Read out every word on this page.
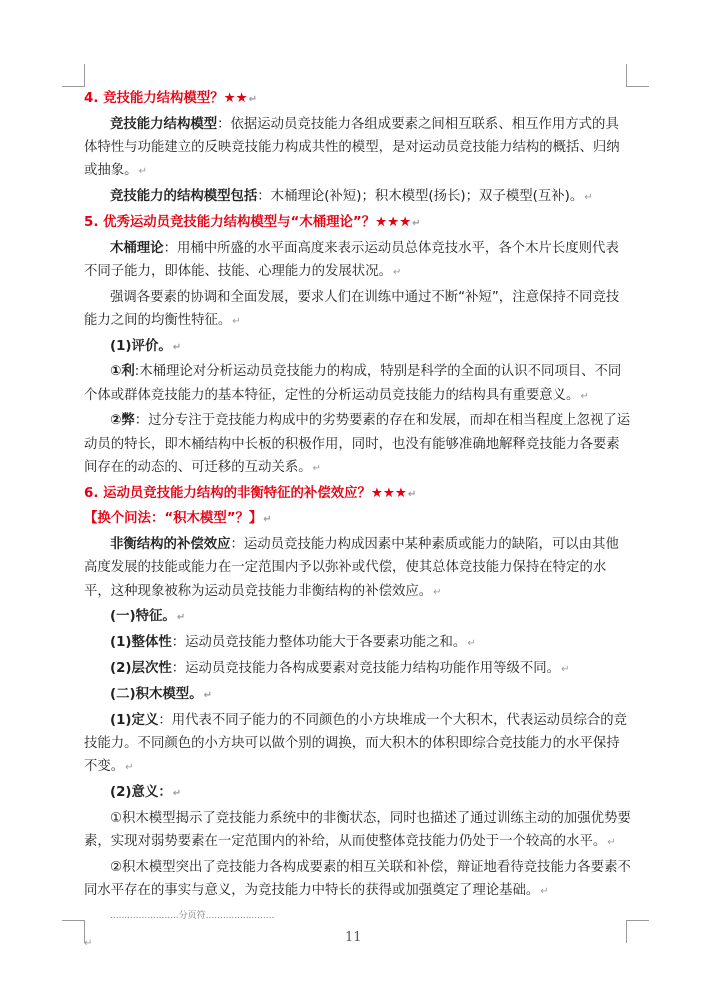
4. 竞技能力结构模型？★★↵

竞技能力结构模型：依据运动员竞技能力各组成要素之间相互联系、相互作用方式的具体特性与功能建立的反映竞技能力构成共性的模型，是对运动员竞技能力结构的概括、归纳或抽象。↵

竞技能力的结构模型包括：木桶理论(补短)；积木模型(扬长)；双子模型(互补)。↵

5. 优秀运动员竞技能力结构模型与“木桶理论”？★★★↵

木桶理论：用桶中所盛的水平面高度来表示运动员总体竞技水平，各个木片长度则代表不同子能力，即体能、技能、心理能力的发展状况。↵

强调各要素的协调和全面发展，要求人们在训练中通过不断“补短”，注意保持不同竞技能力之间的均衡性特征。↵

(1)评价。↵

①利:木桶理论对分析运动员竞技能力的构成，特别是科学的全面的认识不同项目、不同个体或群体竞技能力的基本特征，定性的分析运动员竞技能力的结构具有重要意义。↵

②弊：过分专注于竞技能力构成中的劣势要素的存在和发展，而却在相当程度上忽视了运动员的特长，即木桶结构中长板的积极作用，同时，也没有能够准确地解释竞技能力各要素间存在的动态的、可迁移的互动关系。↵

6. 运动员竞技能力结构的非衡特征的补偿效应？★★★↵

【换个问法：“积木模型”？】↵

非衡结构的补偿效应：运动员竞技能力构成因素中某种素质或能力的缺陷，可以由其他高度发展的技能或能力在一定范围内予以弥补或代偿，使其总体竞技能力保持在特定的水平，这种现象被称为运动员竞技能力非衡结构的补偿效应。↵

(一)特征。↵

(1)整体性：运动员竞技能力整体功能大于各要素功能之和。↵

(2)层次性：运动员竞技能力各构成要素对竞技能力结构功能作用等级不同。↵

(二)积木模型。↵

(1)定义：用代表不同子能力的不同颜色的小方块堆成一个大积木，代表运动员综合的竞技能力。不同颜色的小方块可以做个别的调换，而大积木的体积即综合竞技能力的水平保持不变。↵

(2)意义：↵

①积木模型揭示了竞技能力系统中的非衡状态，同时也描述了通过训练主动的加强优势要素，实现对弱势要素在一定范围内的补给，从而使整体竞技能力仍处于一个较高的水平。↵

②积木模型突出了竞技能力各构成要素的相互关联和补偿，辩证地看待竞技能力各要素不同水平存在的事实与意义，为竞技能力中特长的获得或加强奠定了理论基础。↵

........................分页符........................
11
↵
